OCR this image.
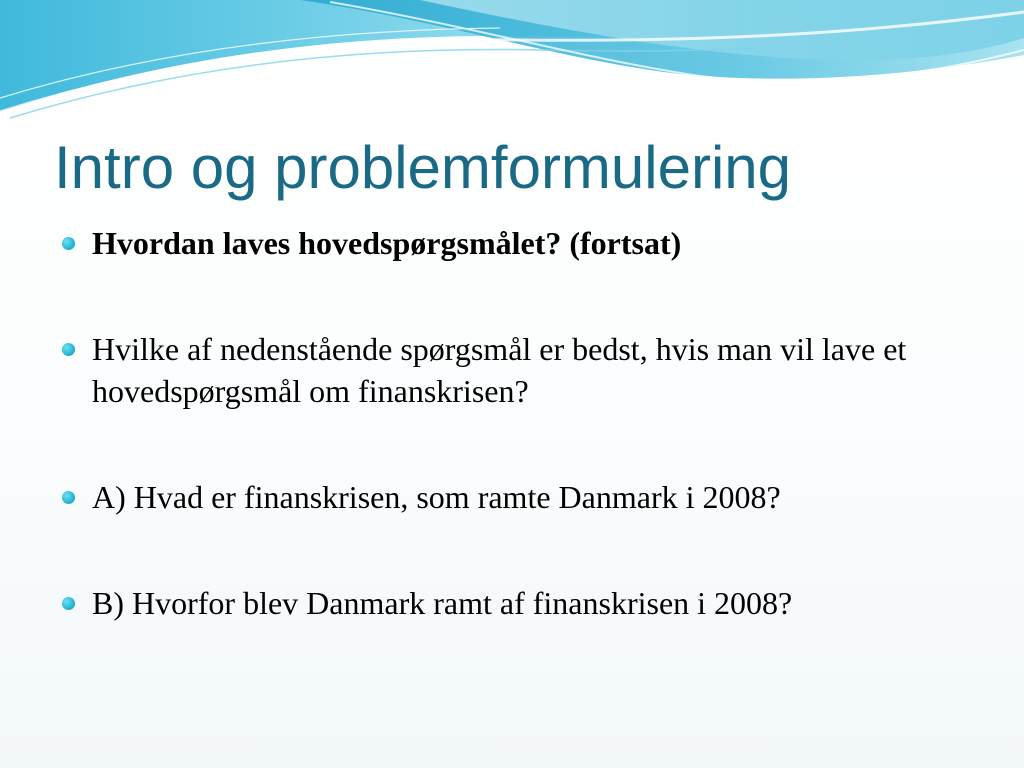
Intro og problemformulering
Hvordan laves hovedspørgsmålet? (fortsat)
Hvilke af nedenstående spørgsmål er bedst, hvis man vil lave et hovedspørgsmål om finanskrisen?
A) Hvad er finanskrisen, som ramte Danmark i 2008?
B) Hvorfor blev Danmark ramt af finanskrisen i 2008?
